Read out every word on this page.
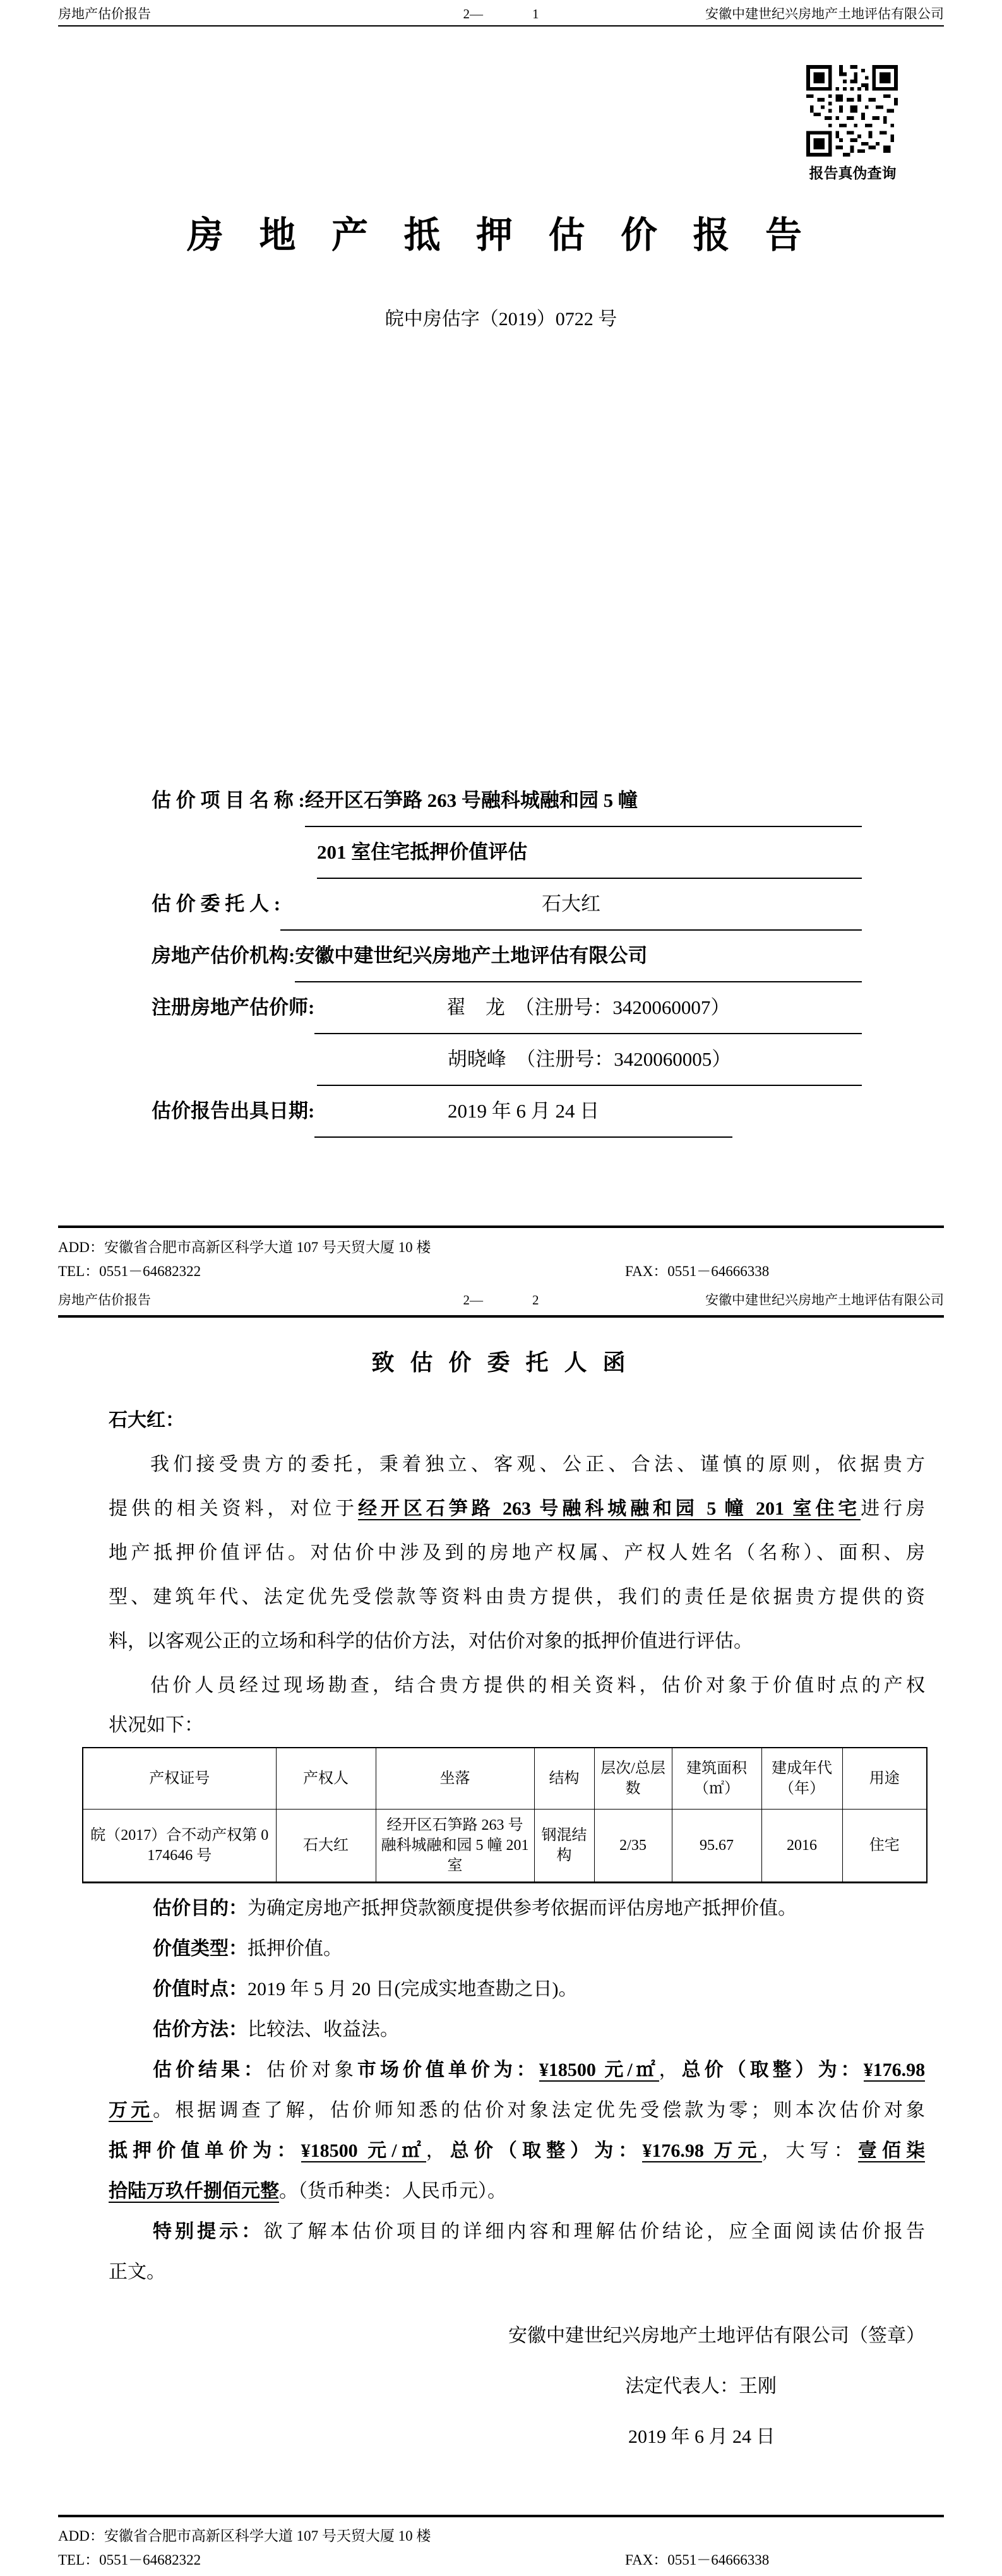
房地产估价报告	2—	1	安徽中建世纪兴房地产土地评估有限公司
报告真伪查询
房 地 产 抵 押 估 价 报 告
皖中房估字（2019）0722 号
估 价 项 目 名 称 : 经开区石笋路 263 号融科城融和园 5 幢
201 室住宅抵押价值评估
估 价 委 托 人 :	石大红
房地产估价机构: 安徽中建世纪兴房地产土地评估有限公司
注册房地产估价师:	翟　龙　（注册号：3420060007）
胡晓峰　（注册号：3420060005）
估价报告出具日期:	2019 年 6 月 24 日
ADD：安徽省合肥市高新区科学大道 107 号天贸大厦 10 楼
TEL：0551－64682322	FAX：0551－64666338
房地产估价报告	2—	2	安徽中建世纪兴房地产土地评估有限公司
致 估 价 委 托 人 函
石大红：
我们接受贵方的委托，秉着独立、客观、公正、合法、谨慎的原则，依据贵方
提供的相关资料，对位于经开区石笋路 263 号融科城融和园 5 幢 201 室住宅进行房
地产抵押价值评估。对估价中涉及到的房地产权属、产权人姓名（名称）、面积、房
型、建筑年代、法定优先受偿款等资料由贵方提供，我们的责任是依据贵方提供的资
料，以客观公正的立场和科学的估价方法，对估价对象的抵押价值进行评估。
估价人员经过现场勘查，结合贵方提供的相关资料，估价对象于价值时点的产权
状况如下：
产权证号	产权人	坐落	结构	层次/总层数	建筑面积（㎡）	建成年代（年）	用途
皖（2017）合不动产权第 0174646 号	石大红	经开区石笋路 263 号融科城融和园 5 幢 201 室	钢混结构	2/35	95.67	2016	住宅
估价目的：为确定房地产抵押贷款额度提供参考依据而评估房地产抵押价值。
价值类型：抵押价值。
价值时点：2019 年 5 月 20 日(完成实地查勘之日)。
估价方法：比较法、收益法。
估价结果：估价对象市场价值单价为：¥18500 元/㎡，总价（取整）为：¥176.98
万元。根据调查了解，估价师知悉的估价对象法定优先受偿款为零；则本次估价对象
抵押价值单价为：¥18500 元/㎡，总价（取整）为：¥176.98 万元，大写：壹佰柒
拾陆万玖仟捌佰元整。（货币种类：人民币元）。
特别提示：欲了解本估价项目的详细内容和理解估价结论，应全面阅读估价报告
正文。
安徽中建世纪兴房地产土地评估有限公司（签章）
法定代表人：王刚
2019 年 6 月 24 日
ADD：安徽省合肥市高新区科学大道 107 号天贸大厦 10 楼
TEL：0551－64682322	FAX：0551－64666338
